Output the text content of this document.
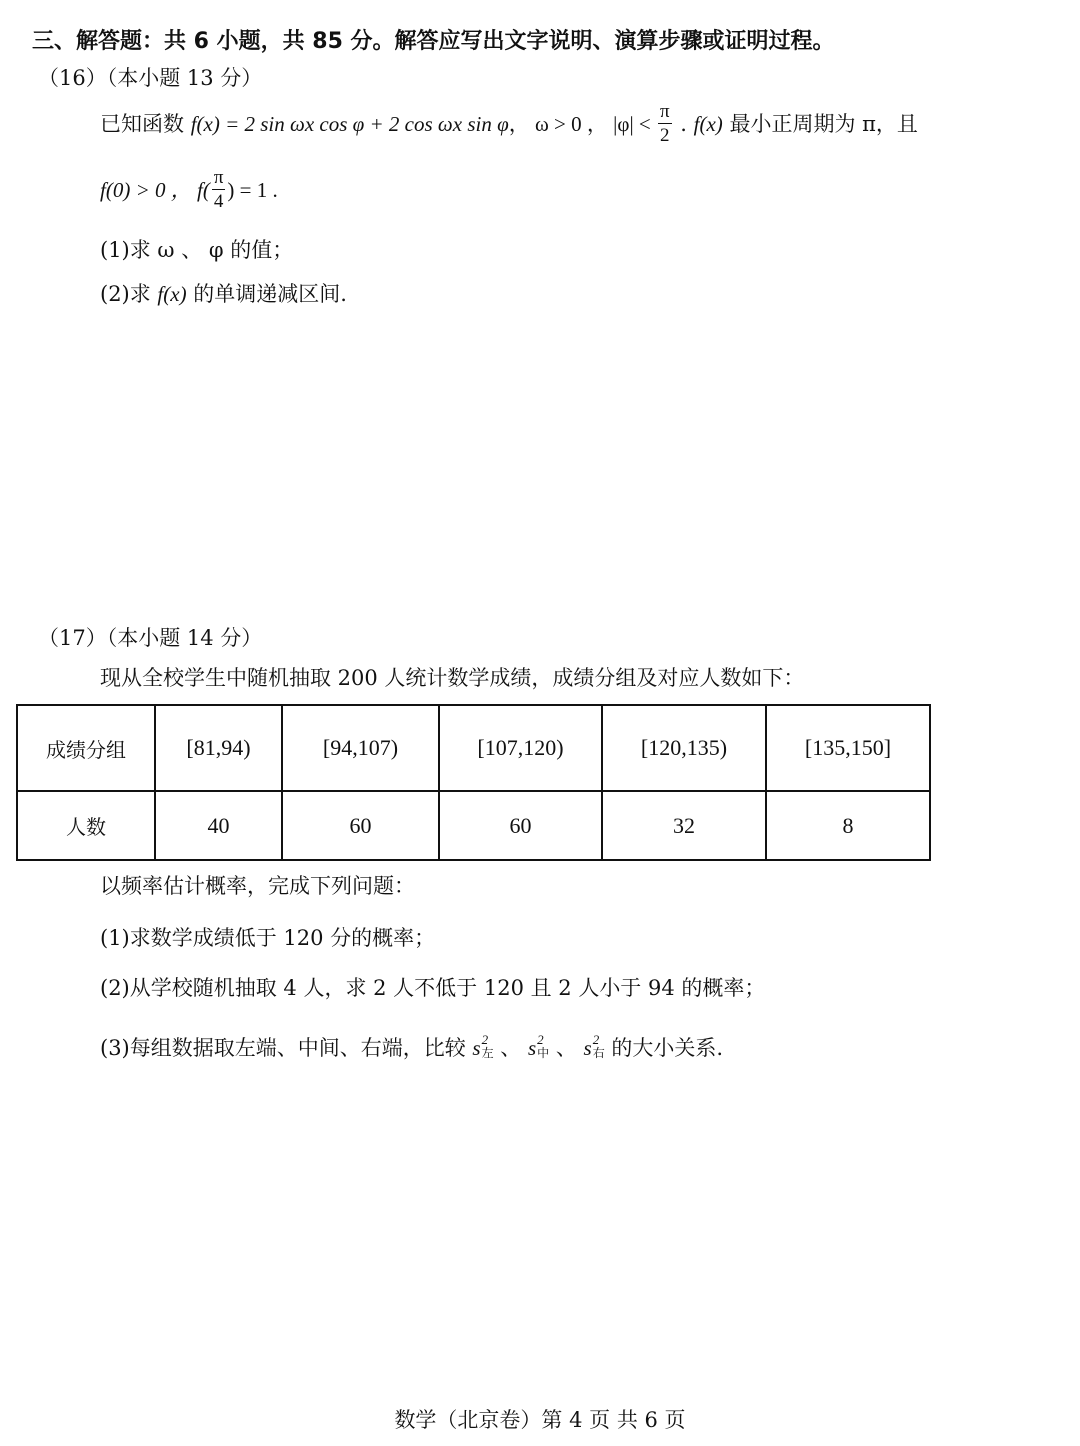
三、解答题：共 6 小题，共 85 分。解答应写出文字说明、演算步骤或证明过程。
（16）（本小题 13 分）
已知函数 f(x) = 2 sin ωx cos φ + 2 cos ωx sin φ， ω > 0 ， $|\varphi| < \frac{\pi}{2}$ . f(x) 最小正周期为 π，且
f(0) > 0 ， $f( \frac{\pi}{4}$ ) = 1 .
(1)求 ω 、 φ 的值；
(2)求 f(x) 的单调递减区间.
（17）（本小题 14 分）
现从全校学生中随机抽取 200 人统计数学成绩，成绩分组及对应人数如下：
成绩分组	[81,94)	[94,107)	[107,120)	[120,135)	[135,150]
人数	40	60	60	32	8
以频率估计概率，完成下列问题：
(1)求数学成绩低于 120 分的概率；
(2)从学校随机抽取 4 人，求 2 人不低于 120 且 2 人小于 94 的概率；
(3)每组数据取左端、中间、右端，比较 s 2
左 、 s 2
中 、 s 2
右 的大小关系.
数学（北京卷）第 4 页 共 6 页
